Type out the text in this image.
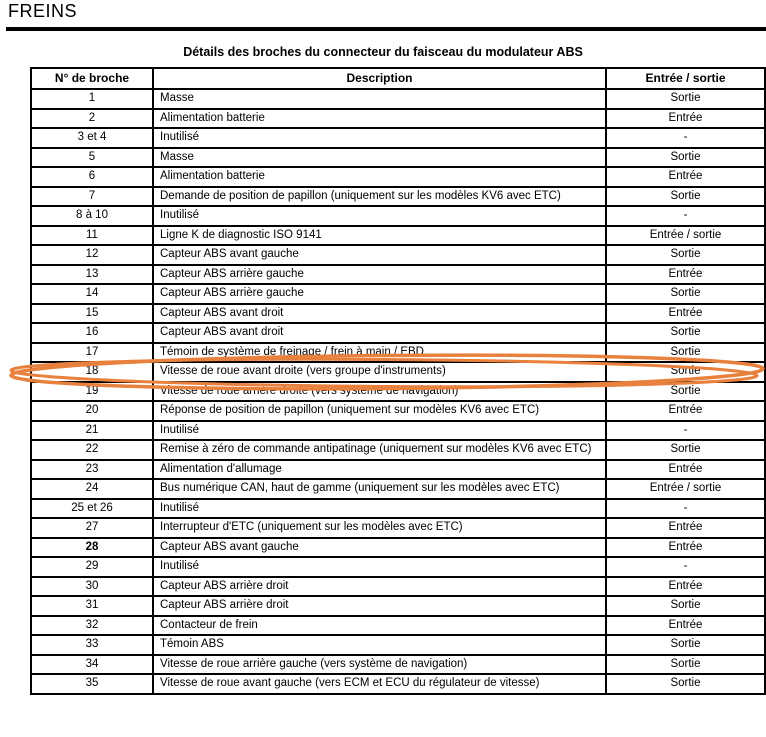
FREINS
Détails des broches du connecteur du faisceau du modulateur ABS
N° de broche	Description	Entrée / sortie
1	Masse	Sortie
2	Alimentation batterie	Entrée
3 et 4	Inutilisé	-
5	Masse	Sortie
6	Alimentation batterie	Entrée
7	Demande de position de papillon (uniquement sur les modèles KV6 avec ETC)	Sortie
8 à 10	Inutilisé	-
11	Ligne K de diagnostic ISO 9141	Entrée / sortie
12	Capteur ABS avant gauche	Sortie
13	Capteur ABS arrière gauche	Entrée
14	Capteur ABS arrière gauche	Sortie
15	Capteur ABS avant droit	Entrée
16	Capteur ABS avant droit	Sortie
17	Témoin de système de freinage / frein à main / EBD	Sortie
18	Vitesse de roue avant droite (vers groupe d'instruments)	Sortie
19	Vitesse de roue arrière droite (vers système de navigation)	Sortie
20	Réponse de position de papillon (uniquement sur modèles KV6 avec ETC)	Entrée
21	Inutilisé	-
22	Remise à zéro de commande antipatinage (uniquement sur modèles KV6 avec ETC)	Sortie
23	Alimentation d'allumage	Entrée
24	Bus numérique CAN, haut de gamme (uniquement sur les modèles avec ETC)	Entrée / sortie
25 et 26	Inutilisé	-
27	Interrupteur d'ETC (uniquement sur les modèles avec ETC)	Entrée
28	Capteur ABS avant gauche	Entrée
29	Inutilisé	-
30	Capteur ABS arrière droit	Entrée
31	Capteur ABS arrière droit	Sortie
32	Contacteur de frein	Entrée
33	Témoin ABS	Sortie
34	Vitesse de roue arrière gauche (vers système de navigation)	Sortie
35	Vitesse de roue avant gauche (vers ECM et ECU du régulateur de vitesse)	Sortie
